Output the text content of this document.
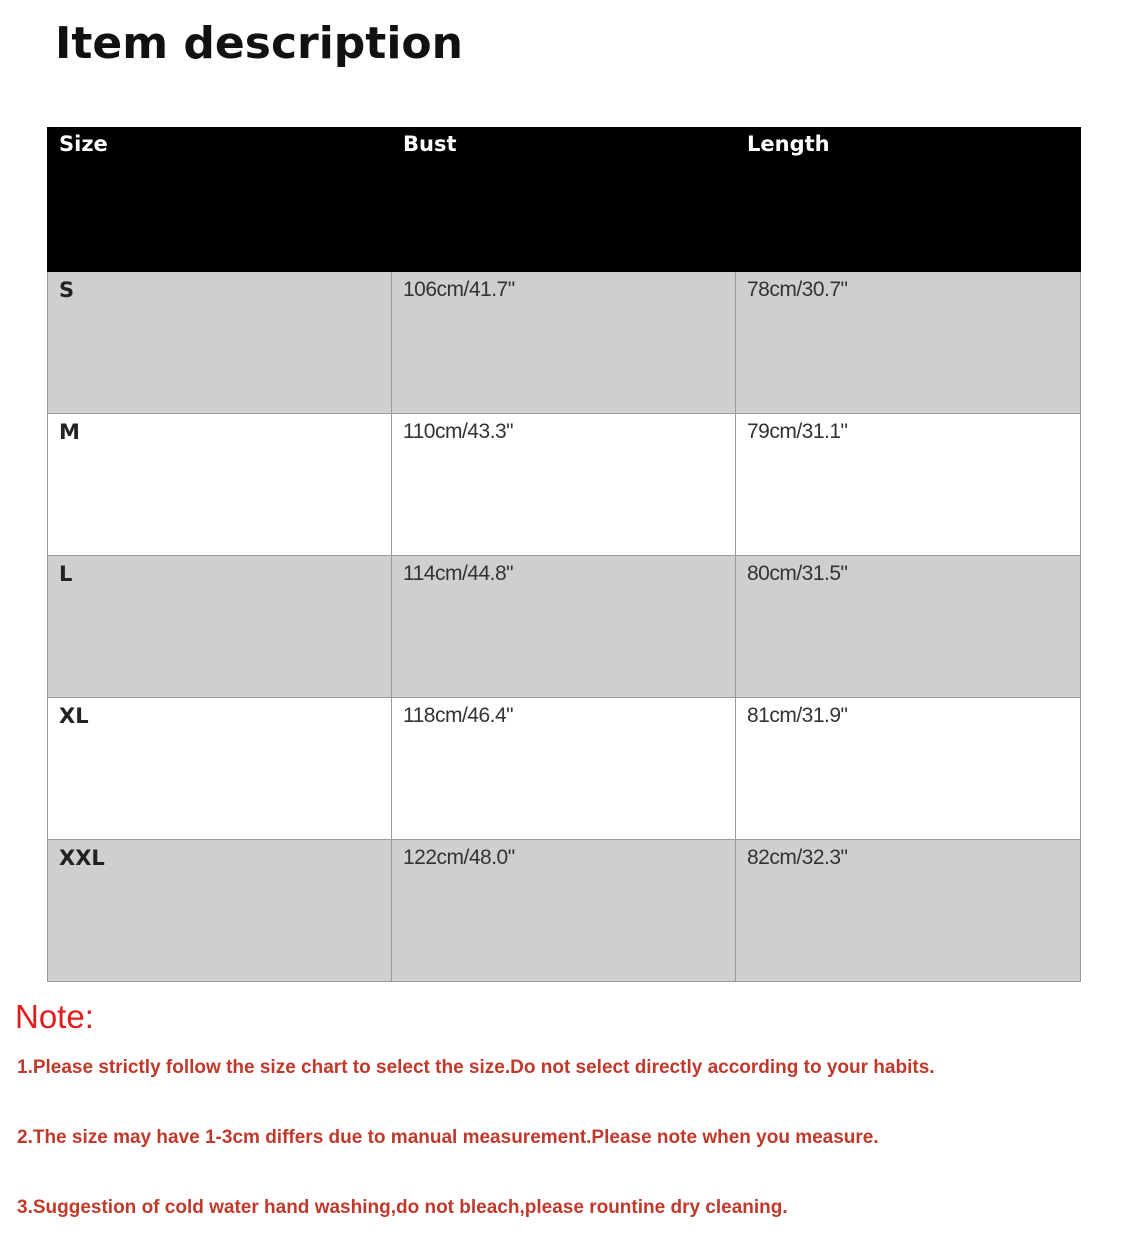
Item description
Size	Bust	Length
S	106cm/41.7"	78cm/30.7"
M	110cm/43.3"	79cm/31.1"
L	114cm/44.8"	80cm/31.5"
XL	118cm/46.4"	81cm/31.9"
XXL	122cm/48.0"	82cm/32.3"
Note:

1.Please strictly follow the size chart to select the size.Do not select directly according to your habits.

2.The size may have 1-3cm differs due to manual measurement.Please note when you measure.

3.Suggestion of cold water hand washing,do not bleach,please rountine dry cleaning.
